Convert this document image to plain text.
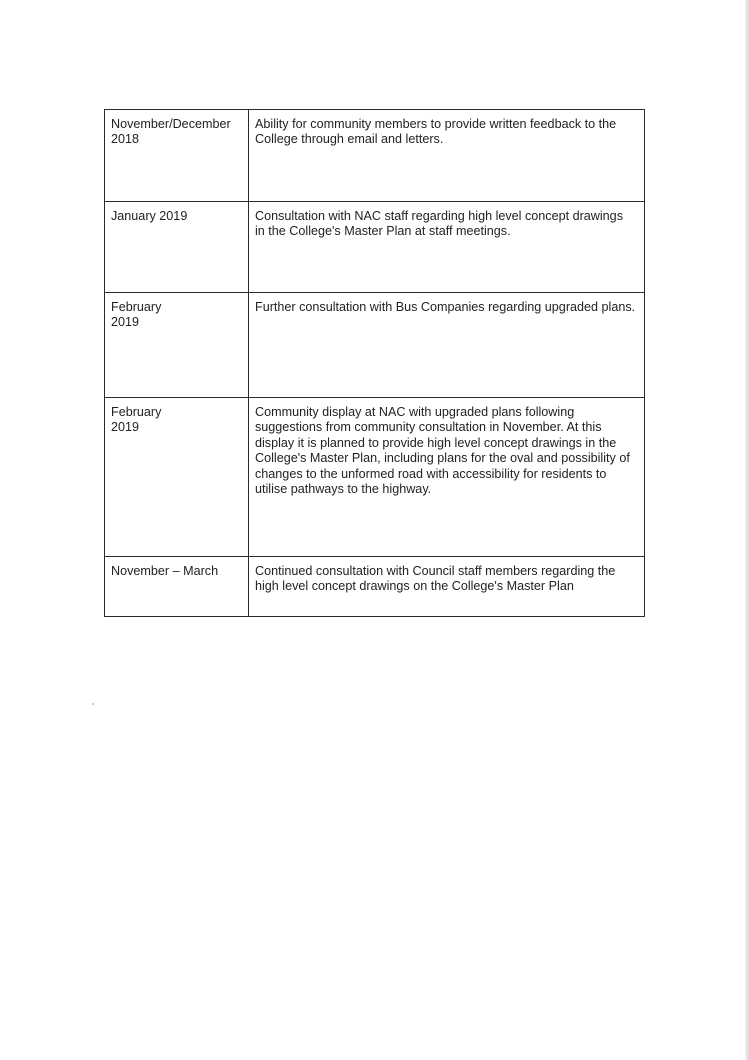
November/December
2018	Ability for community members to provide written feedback to the College through email and letters.

January 2019	Consultation with NAC staff regarding high level concept drawings in the College's Master Plan at staff meetings.

February
2019	Further consultation with Bus Companies regarding upgraded plans.

February
2019	Community display at NAC with upgraded plans following suggestions from community consultation in November. At this display it is planned to provide high level concept drawings in the College's Master Plan, including plans for the oval and possibility of changes to the unformed road with accessibility for residents to utilise pathways to the highway.

November – March	Continued consultation with Council staff members regarding the high level concept drawings on the College's Master Plan
